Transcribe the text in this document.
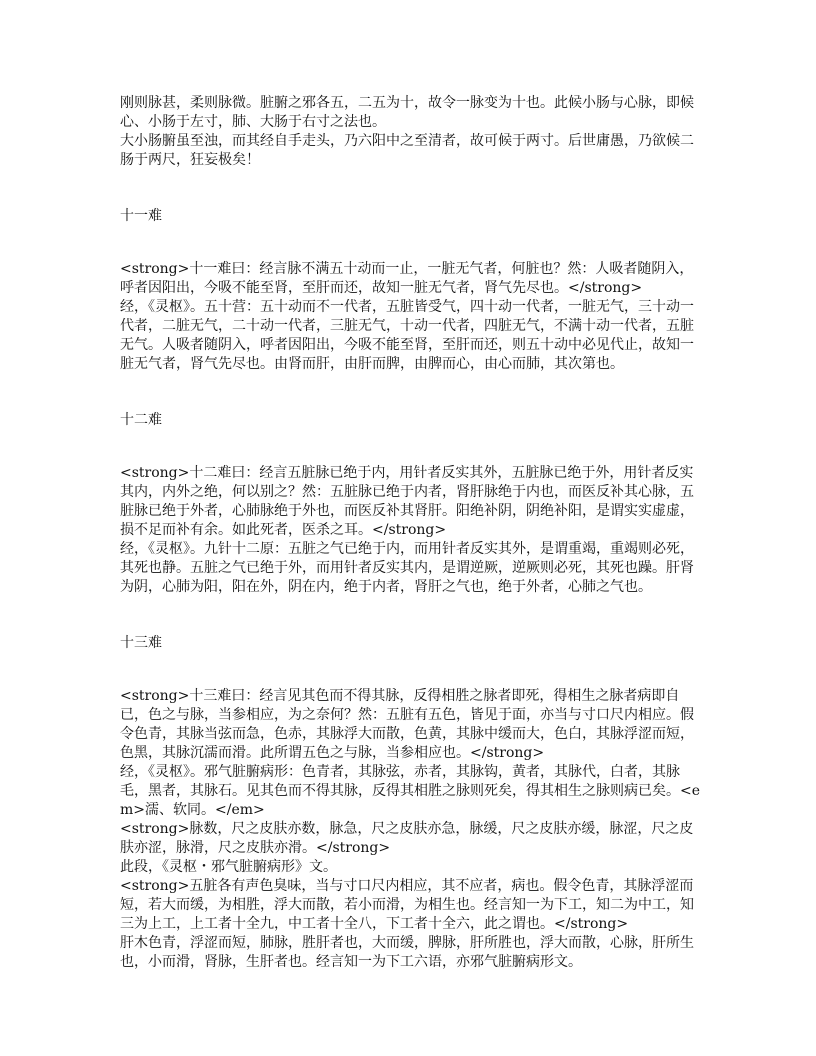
刚则脉甚，柔则脉微。脏腑之邪各五，二五为十，故令一脉变为十也。此候小肠与心脉，即候心、小肠于左寸，肺、大肠于右寸之法也。

大小肠腑虽至浊，而其经自手走头，乃六阳中之至清者，故可候于两寸。后世庸愚，乃欲候二肠于两尺，狂妄极矣！

十一难

<strong>十一难曰：经言脉不满五十动而一止，一脏无气者，何脏也？然：人吸者随阴入，呼者因阳出，今吸不能至肾，至肝而还，故知一脏无气者，肾气先尽也。</strong>

经，《灵枢》。五十营：五十动而不一代者，五脏皆受气，四十动一代者，一脏无气，三十动一代者，二脏无气，二十动一代者，三脏无气，十动一代者，四脏无气，不满十动一代者，五脏无气。人吸者随阴入，呼者因阳出，今吸不能至肾，至肝而还，则五十动中必见代止，故知一脏无气者，肾气先尽也。由肾而肝，由肝而脾，由脾而心，由心而肺，其次第也。

十二难

<strong>十二难曰：经言五脏脉已绝于内，用针者反实其外，五脏脉已绝于外，用针者反实其内，内外之绝，何以别之？然：五脏脉已绝于内者，肾肝脉绝于内也，而医反补其心脉，五脏脉已绝于外者，心肺脉绝于外也，而医反补其肾肝。阳绝补阴，阴绝补阳，是谓实实虚虚，损不足而补有余。如此死者，医杀之耳。</strong>

经，《灵枢》。九针十二原：五脏之气已绝于内，而用针者反实其外，是谓重竭，重竭则必死，其死也静。五脏之气已绝于外，而用针者反实其内，是谓逆厥，逆厥则必死，其死也躁。肝肾为阴，心肺为阳，阳在外，阴在内，绝于内者，肾肝之气也，绝于外者，心肺之气也。

十三难

<strong>十三难曰：经言见其色而不得其脉，反得相胜之脉者即死，得相生之脉者病即自已，色之与脉，当参相应，为之奈何？然：五脏有五色，皆见于面，亦当与寸口尺内相应。假令色青，其脉当弦而急，色赤，其脉浮大而散，色黄，其脉中缓而大，色白，其脉浮涩而短，色黑，其脉沉濡而滑。此所谓五色之与脉，当参相应也。</strong>

经，《灵枢》。邪气脏腑病形：色青者，其脉弦，赤者，其脉钩，黄者，其脉代，白者，其脉毛，黑者，其脉石。见其色而不得其脉，反得其相胜之脉则死矣，得其相生之脉则病已矣。<em>濡、软同。</em>

<strong>脉数，尺之皮肤亦数，脉急，尺之皮肤亦急，脉缓，尺之皮肤亦缓，脉涩，尺之皮肤亦涩，脉滑，尺之皮肤亦滑。</strong>

此段，《灵枢・邪气脏腑病形》文。

<strong>五脏各有声色臭味，当与寸口尺内相应，其不应者，病也。假令色青，其脉浮涩而短，若大而缓，为相胜，浮大而散，若小而滑，为相生也。经言知一为下工，知二为中工，知三为上工，上工者十全九，中工者十全八，下工者十全六，此之谓也。</strong>

肝木色青，浮涩而短，肺脉，胜肝者也，大而缓，脾脉，肝所胜也，浮大而散，心脉，肝所生也，小而滑，肾脉，生肝者也。经言知一为下工六语，亦邪气脏腑病形文。
